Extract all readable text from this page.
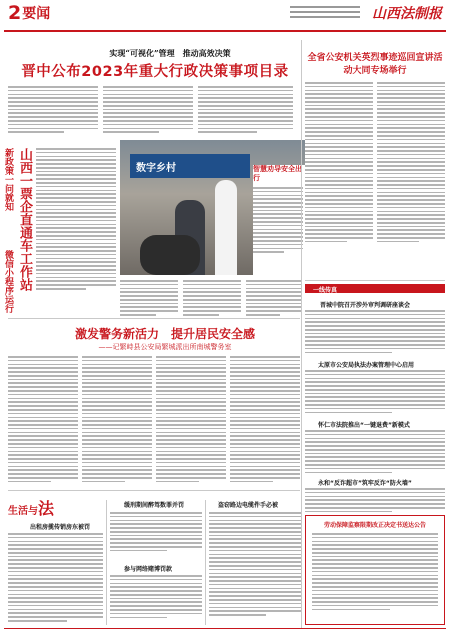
2 要闻	山西法制报
实现“可视化”管理　推动高效决策
晋中公布2023年重大行政决策事项目录
全省公安机关英烈事迹巡回宣讲活动大同专场举行
山西一票企直通车工作站
新政策一问就知
微信小程序运行
数字乡村	智慧劝导安全出行
一线传真
晋城中院召开涉外审判调研座谈会
太原市公安局执法办案管理中心启用
怀仁市法院推出“一键退费”新模式
永和“反诈超市”筑牢反诈“防火墙”
激发警务新活力　提升居民安全感
——记繁峙县公安局繁城派出所南城警务室
生活与法
出租房揽传销房东被罚
缓刑期间醉驾数罪并罚
参与网络赌博罚款
盗窃路边电缆件手必被
劳动保障监察限期改正决定书送达公告
